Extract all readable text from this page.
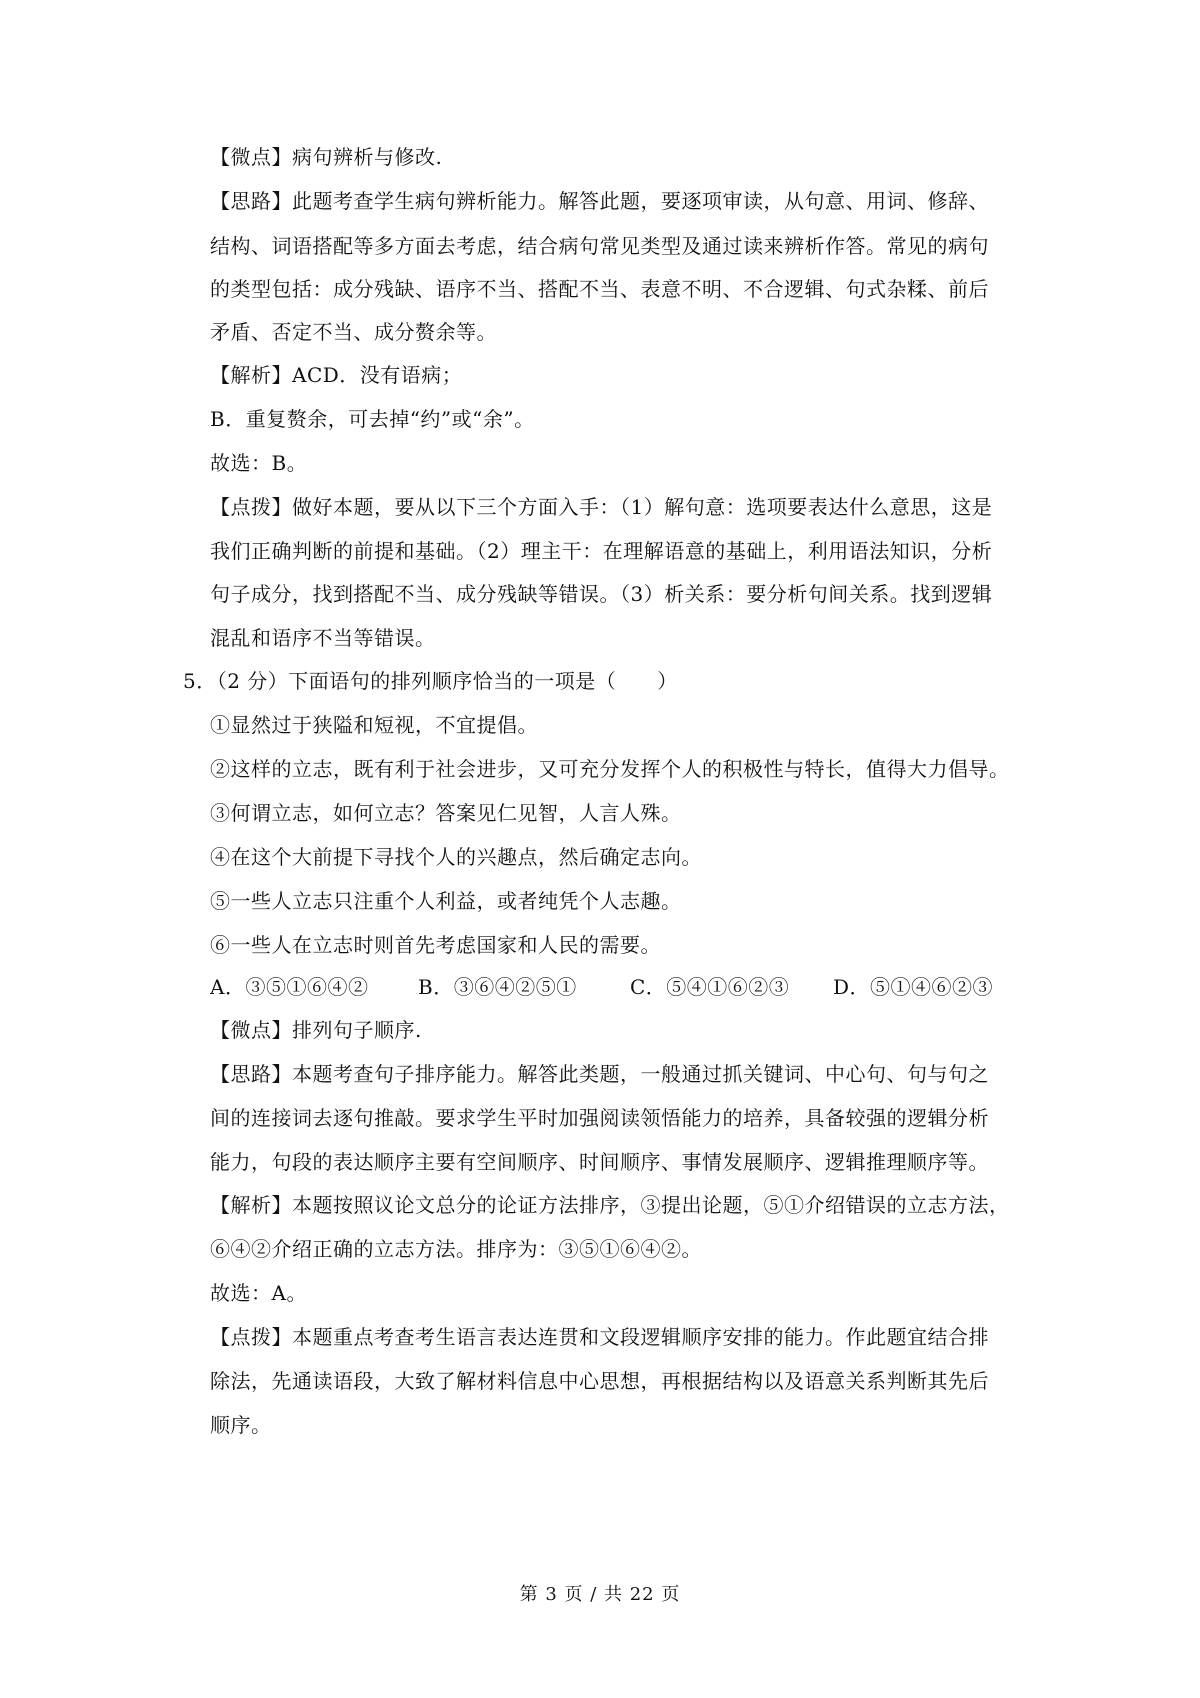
【微点】病句辨析与修改.
【思路】此题考查学生病句辨析能力。解答此题，要逐项审读，从句意、用词、修辞、
结构、词语搭配等多方面去考虑，结合病句常见类型及通过读来辨析作答。常见的病句
的类型包括：成分残缺、语序不当、搭配不当、表意不明、不合逻辑、句式杂糅、前后
矛盾、否定不当、成分赘余等。
【解析】ACD．没有语病；
B．重复赘余，可去掉“约”或“余”。
故选：B。
【点拨】做好本题，要从以下三个方面入手：（1）解句意：选项要表达什么意思，这是
我们正确判断的前提和基础。（2）理主干：在理解语意的基础上，利用语法知识，分析
句子成分，找到搭配不当、成分残缺等错误。（3）析关系：要分析句间关系。找到逻辑
混乱和语序不当等错误。
5．（2 分）下面语句的排列顺序恰当的一项是（　　）
①显然过于狭隘和短视，不宜提倡。
②这样的立志，既有利于社会进步，又可充分发挥个人的积极性与特长，值得大力倡导。
③何谓立志，如何立志？答案见仁见智，人言人殊。
④在这个大前提下寻找个人的兴趣点，然后确定志向。
⑤一些人立志只注重个人利益，或者纯凭个人志趣。
⑥一些人在立志时则首先考虑国家和人民的需要。
A．③⑤①⑥④② B．③⑥④②⑤①	C．⑤④①⑥②③ D．⑤①④⑥②③
【微点】排列句子顺序.
【思路】本题考查句子排序能力。解答此类题，一般通过抓关键词、中心句、句与句之
间的连接词去逐句推敲。要求学生平时加强阅读领悟能力的培养，具备较强的逻辑分析
能力，句段的表达顺序主要有空间顺序、时间顺序、事情发展顺序、逻辑推理顺序等。
【解析】本题按照议论文总分的论证方法排序，③提出论题，⑤①介绍错误的立志方法，
⑥④②介绍正确的立志方法。排序为：③⑤①⑥④②。
故选：A。
【点拨】本题重点考查考生语言表达连贯和文段逻辑顺序安排的能力。作此题宜结合排
除法，先通读语段，大致了解材料信息中心思想，再根据结构以及语意关系判断其先后
顺序。
第 3 页 / 共 22 页
